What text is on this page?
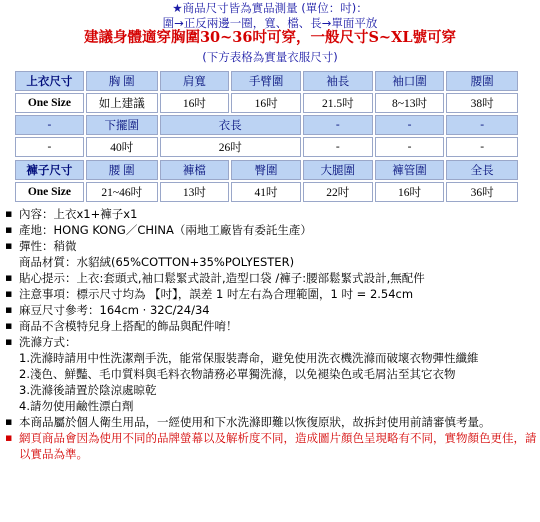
★商品尺寸皆為實品測量 (單位：吋)：
圍→正反兩邊一圈，寬、檔、長→單面平放
建議身體適穿胸圍30~36吋可穿，一般尺寸S~XL號可穿
(下方表格為實量衣服尺寸)
上衣尺寸	胸 圍	肩寬	手臂圍	袖長	袖口圍	腰圍
One Size	如上建議	16吋	16吋	21.5吋	8~13吋	38吋
-	下擺圍	衣長		-	-	-
-	40吋	26吋		-	-	-
褲子尺寸	腰 圍	褲檔	臀圍	大腿圍	褲管圍	全長
One Size	21~46吋	13吋	41吋	22吋	16吋	36吋
▪ 內容：上衣x1+褲子x1
▪ 產地：HONG KONG／CHINA（兩地工廠皆有委託生產）
▪ 彈性：稍微
商品材質：水貂絨(65%COTTON+35%POLYESTER)
▪ 貼心提示：上衣:套頭式,袖口鬆緊式設計,造型口袋 /褲子:腰部鬆緊式設計,無配件
▪ 注意事項：標示尺寸均為 【吋】，誤差 1 吋左右為合理範圍，1 吋 = 2.54cm
▪ 麻豆尺寸參考：164cm · 32C/24/34
▪ 商品不含模特兒身上搭配的飾品與配件唷！
▪ 洗滌方式：
1.洗滌時請用中性洗潔劑手洗，能常保服裝壽命，避免使用洗衣機洗滌而破壞衣物彈性纖維
2.淺色、鮮豔、毛巾質料與毛料衣物請務必單獨洗滌，以免褪染色或毛屑沾至其它衣物
3.洗滌後請置於陰涼處晾乾
4.請勿使用鹼性漂白劑
▪ 本商品屬於個人衛生用品，一經使用和下水洗滌即難以恢復原狀，故拆封使用前請審慎考量。
▪ 網頁商品會因為使用不同的品牌螢幕以及解析度不同，造成圖片顏色呈現略有不同，實物顏色更佳，請以實品為準。
